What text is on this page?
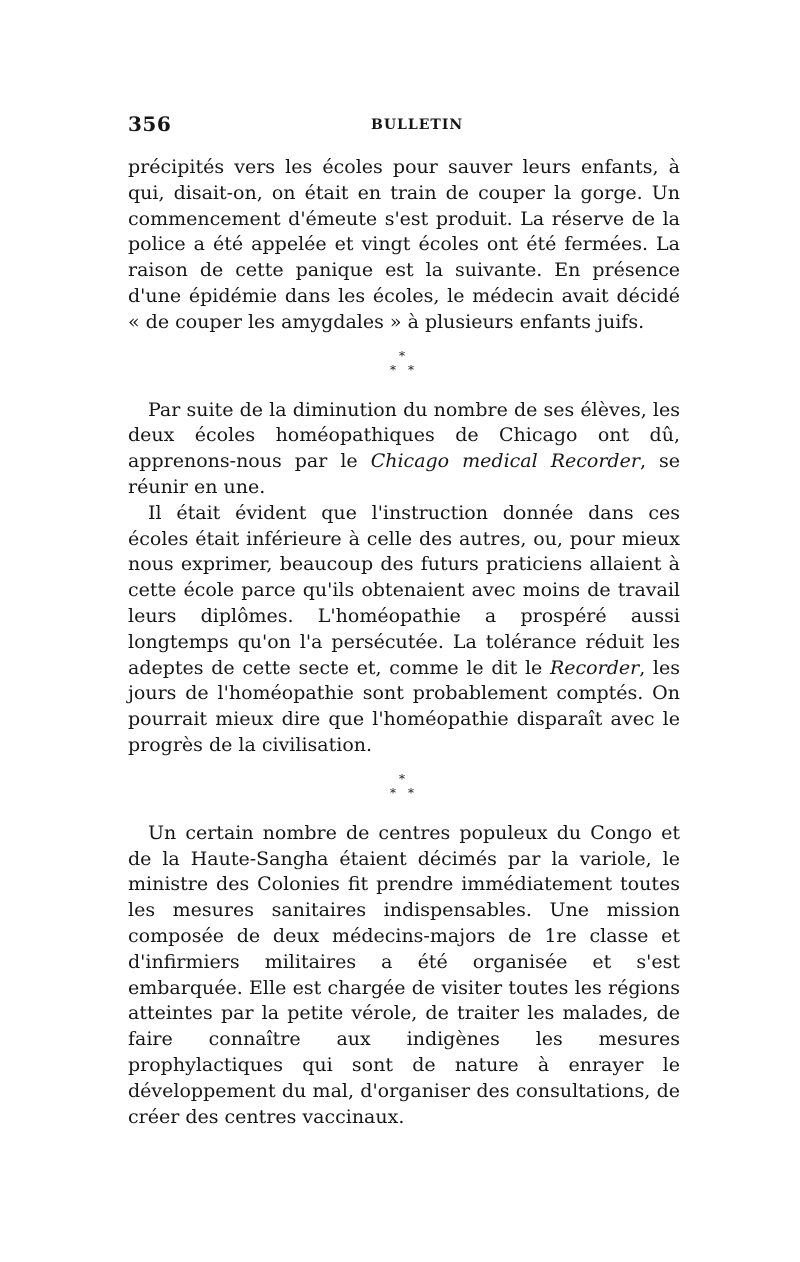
356	BULLETIN

précipités vers les écoles pour sauver leurs enfants, à qui, disait-on, on était en train de couper la gorge. Un commencement d'émeute s'est produit. La réserve de la police a été appelée et vingt écoles ont été fermées. La raison de cette panique est la suivante. En présence d'une épidémie dans les écoles, le médecin avait décidé « de couper les amygdales » à plusieurs enfants juifs.

*
* *

Par suite de la diminution du nombre de ses élèves, les deux écoles homéopathiques de Chicago ont dû, apprenons-nous par le Chicago medical Recorder, se réunir en une.

Il était évident que l'instruction donnée dans ces écoles était inférieure à celle des autres, ou, pour mieux nous exprimer, beaucoup des futurs praticiens allaient à cette école parce qu'ils obtenaient avec moins de travail leurs diplômes. L'homéopathie a prospéré aussi longtemps qu'on l'a persécutée. La tolérance réduit les adeptes de cette secte et, comme le dit le Recorder, les jours de l'homéopathie sont probablement comptés. On pourrait mieux dire que l'homéopathie disparaît avec le progrès de la civilisation.

*
* *

Un certain nombre de centres populeux du Congo et de la Haute-Sangha étaient décimés par la variole, le ministre des Colonies fit prendre immédiatement toutes les mesures sanitaires indispensables. Une mission composée de deux médecins-majors de 1re classe et d'infirmiers militaires a été organisée et s'est embarquée. Elle est chargée de visiter toutes les régions atteintes par la petite vérole, de traiter les malades, de faire connaître aux indigènes les mesures prophylactiques qui sont de nature à enrayer le développement du mal, d'organiser des consultations, de créer des centres vaccinaux.
